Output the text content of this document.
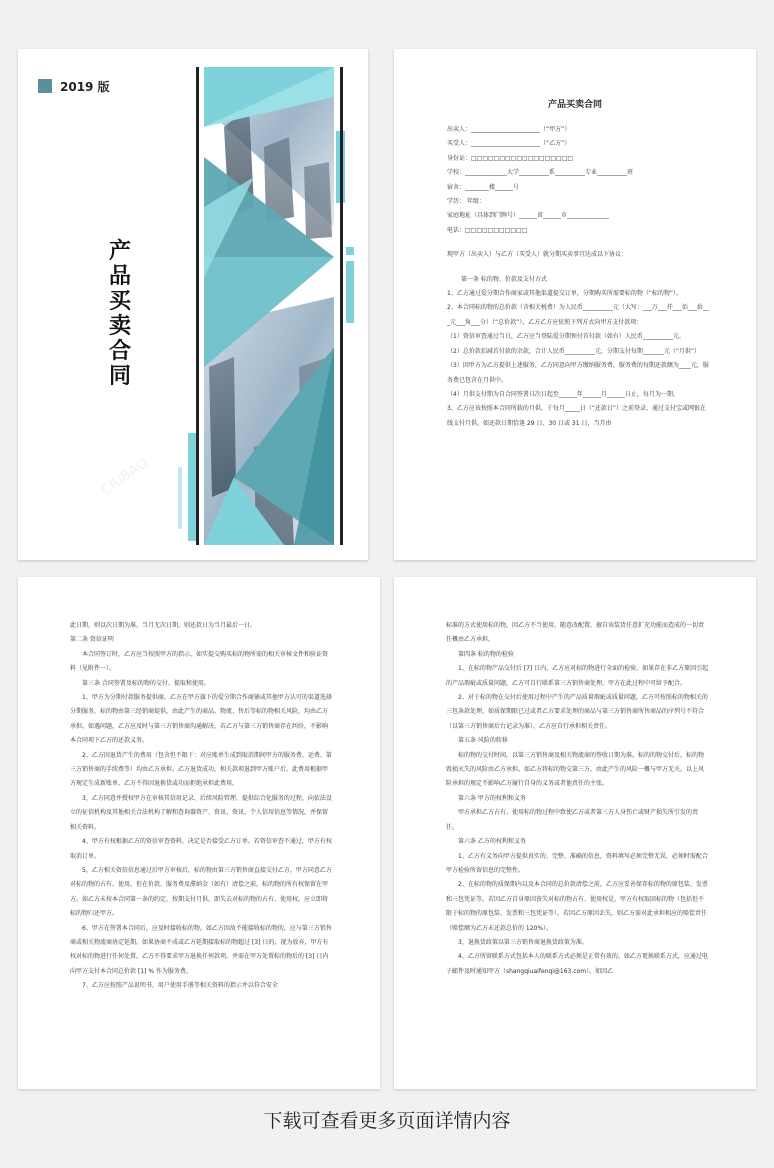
2019 版
产品买卖合同
CRIBAO
产品买卖合同

出卖人：_______________________（“甲方”）

买受人：_______________________（“乙方”）

身份证：□□□□□□□□□□□□□□□□□□

学校：______________大学__________系__________专业__________班

宿舍：________楼______号

学历： 年级：

家庭地址（具体到门牌号）______省______市______________

电话：□□□□□□□□□□□

现甲方（出卖人）与乙方（买受人）就分期买卖事宜达成以下协议：

第一条 标的物、价款及支付方式

1、乙方通过爱分期合作商家或其他渠道提交订单，分期购买所需要标的物（“标的物”）。

2、本合同标的物的总价款（含相关税费）为人民币__________元（大写：___万___仟___佰___拾___元___角___分）（“总价款”），乙方乙方应依照下列方式向甲方支付款项：

（1）资信审查通过当日，乙方应当登陆爱分期预付首付款（如有）人民币__________元。

（2）总价款扣减首付款的余款，合计人民币__________元，分期支付每期_______元（“月供”）

（3）因甲方为乙方提供上述服务，乙方同意向甲方缴纳服务费，服务费的每期还款额为____元，服务费已包含在月供中。

（4）月供支付期为自合同签署日次日起至______年______月______日止，每月为一期。

3、乙方应该按照本合同所载的月供，于每月_____日（“还款日”）之前登录，通过支付宝或网银在线支付月供。如还款日期恰逢 29 日、30 日或 31 日，当月由

此日期，则以次日期为准，当月无次日期，则还款日为当月最后一日。

第二条 资信证明

本合同签订时，乙方应当按照甲方的指示，如实提交购买标的物所需的相关审核文件和验证资料（见附件一）。

第三条 合同签署及标的物的交付、提取和使用。

1、甲方为分期付款服务提供商。乙方在甲方旗下的爱分期合作商铺或其他甲方认可的渠道选择分期服务，标的物由第三经销商提供，由此产生的商品、物流、售后等标的物相关风险，均由乙方承担。如遇问题，乙方应及时与第三方销售商沟通解决。若乙方与第三方销售商存在纠纷，不影响本合同项下乙方的还款义务。

2、乙方因退货产生的费用（包含但不限于：对应账单生成到取消期间甲方的服务费、运费、第三方销售商的手续费等）均由乙方承担。乙方退货成功，相关款项退到甲方账户后，此费用根据甲方规定生成新账单，乙方不得因退换货或功而拒绝承担此费用。

3、乙方同意并授权甲方在审核其信用记录、后续风险管理、提供综合化服务的过程，向依法设立的征信机构及其他相关合法机构了解和查询器资产、资讯、资讯、个人信用信息等情况，并保留相关资料。

4、甲方有权根据乙方的资信审查资料，决定是否接受乙方订单。若资信审查不通过，甲方有权取消订单。

5、乙方相关资信信息通过后甲方审核后，标的物由第三方销售商直接交付乙方，甲方同意乙方对标的物的占有、使用，但在价款、服务费及滞纳金（如有）清偿之前，标的物的所有权保留在甲方。如乙方未按本合同第一条的约定，按期支付月供，即失去对标的物的占有、使用权，应立即将标的物归还甲方。

6、甲方在签署本合同后，应及时接收标的物。如乙方因故不能接收标的物的，应与第三方销售商或相关物流商协定延期。如果协商不成或乙方延期接取标的物超过 [3] 日的，视为放弃，甲方有权对标的物进行任何处置。乙方不得要求甲方退换任何款项，并需在甲方处置标的物后的 [3] 日内向甲方支付本合同总价款 [1] % 作为服务费。

7、乙方应按照产品说明书、用户使用手册等相关资料的指示并以符合安全

标准的方式使用标的物，因乙方不当使用、随意改配置、擅自该装货任意扩充功能而造成的一切责任概由乙方承担。

第四条 标的物的检验

1、在标的物产品交付后 [7] 日内，乙方应对标的物进行全面的检验，如果存在非乙方原因引起的产品瑕疵或质量问题，乙方可自行联系第三方销售商处理，甲方在此过程中可给予配合。

2、对于标的物在交付后使用过程中产生的产品质量瑕疵或质量问题，乙方可按照标的物相关的三包条款处理，如质保期限已过或者乙方要求处理的商品与第三方销售商所售商品的序列号不符合（以第三方销售商后台记录为准），乙方应自行承担相关责任。

第五条 风险的转移

标的物的交付时间，以第三方销售商及相关物流商的签收日期为准。标的的物交付后，标的物毁损灭失的风险由乙方承担。如乙方将标的物交第三方，由此产生的风险一概与甲方无关，以上风险承担的规定不影响乙方履行自身的义务或者他责任的主张。

第六条 甲方的权利和义务

甲方承担乙方占有、使用标的物过程中致使乙方或者第三方人身伤亡或财产损失所引发的责任。

第六条 乙方的权利和义务

1、乙方有义务向甲方提供真实的、完整、准确的信息，资料填写必须完整无误，必须时需配合甲方检验所留信息的完整性。

2、在标的物的质保期内以及本合同的总价款清偿之前，乙方应妥善保存标的物的原包装、发票和三包凭证等。若因乙方自身原因丧失对标的物占有、使用权是，甲方有权取回标的物（包括但不限于标的物的原包装、发票和三包凭证等）。若因乙方原因丢失，则乙方需对此承担相应的赔偿责任（赔偿额为乙方未还款总价的 120%）。

3、退换货政策以第三方销售商退换货政策为准。

4、乙方所留联系方式包括本人的联系方式必须是正常有效的。如乙方更换联系方式，应通过电子邮件及时通知甲方（shangqiuaifenqi@163.com）。如因乙

下载可查看更多页面详情内容
